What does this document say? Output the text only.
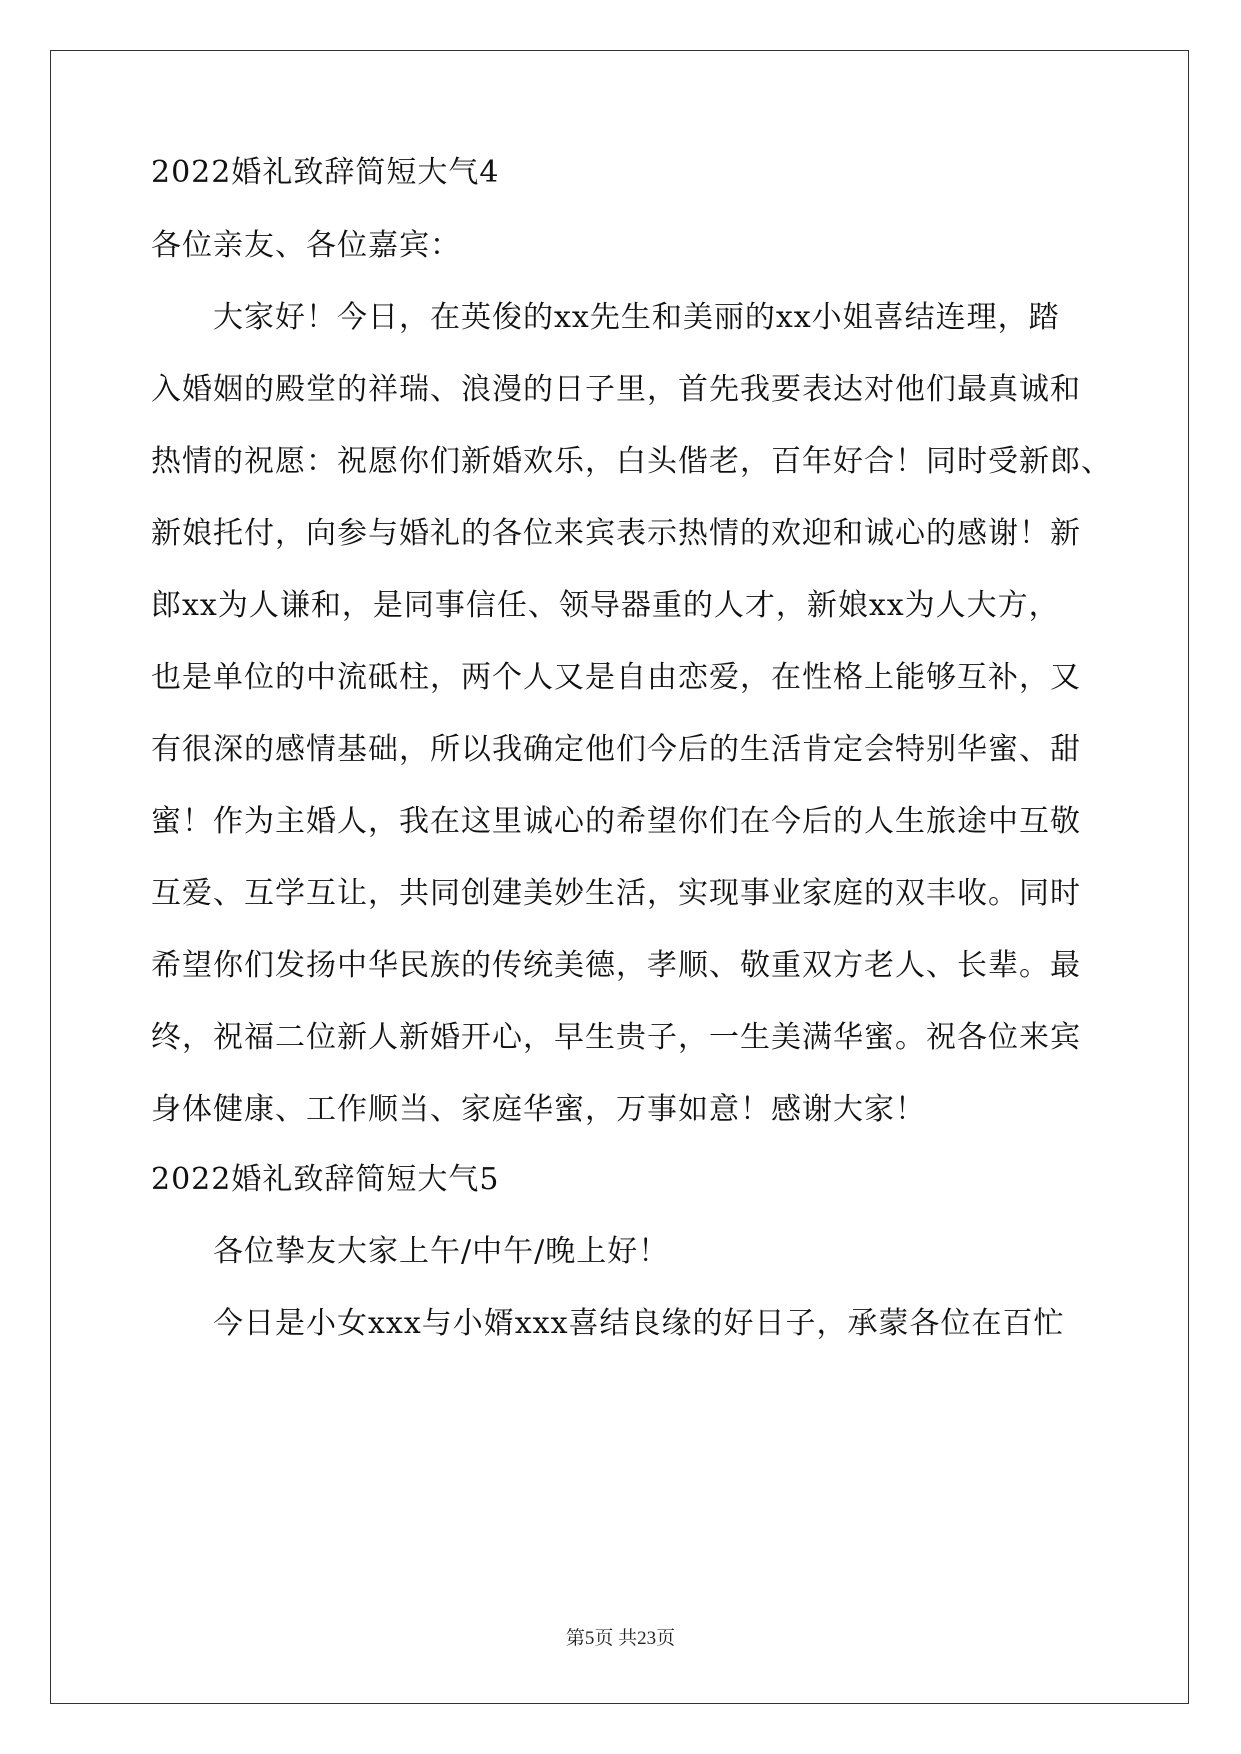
2022婚礼致辞简短大气4
各位亲友、各位嘉宾：
大家好！今日，在英俊的xx先生和美丽的xx小姐喜结连理，踏
入婚姻的殿堂的祥瑞、浪漫的日子里，首先我要表达对他们最真诚和
热情的祝愿：祝愿你们新婚欢乐，白头偕老，百年好合！同时受新郎、
新娘托付，向参与婚礼的各位来宾表示热情的欢迎和诚心的感谢！新
郎xx为人谦和，是同事信任、领导器重的人才，新娘xx为人大方，
也是单位的中流砥柱，两个人又是自由恋爱，在性格上能够互补，又
有很深的感情基础，所以我确定他们今后的生活肯定会特别华蜜、甜
蜜！作为主婚人，我在这里诚心的希望你们在今后的人生旅途中互敬
互爱、互学互让，共同创建美妙生活，实现事业家庭的双丰收。同时
希望你们发扬中华民族的传统美德，孝顺、敬重双方老人、长辈。最
终，祝福二位新人新婚开心，早生贵子，一生美满华蜜。祝各位来宾
身体健康、工作顺当、家庭华蜜，万事如意！感谢大家！
2022婚礼致辞简短大气5
各位挚友大家上午/中午/晚上好！
今日是小女xxx与小婿xxx喜结良缘的好日子，承蒙各位在百忙
第5页 共23页
